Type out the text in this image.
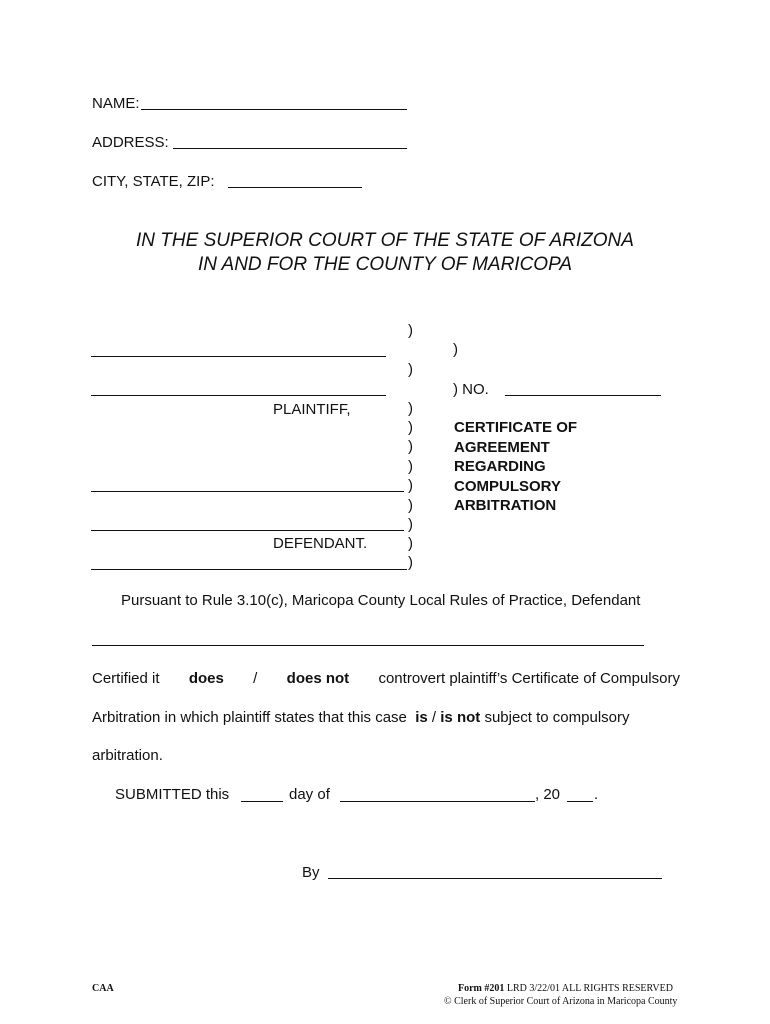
NAME:
ADDRESS:
CITY, STATE, ZIP:
IN THE SUPERIOR COURT OF THE STATE OF ARIZONA
IN AND FOR THE COUNTY OF MARICOPA
PLAINTIFF,
DEFENDANT.
)
)
)
)
)
)
)
)
)
)
)
)
) NO.
CERTIFICATE OF
AGREEMENT
REGARDING
COMPULSORY
ARBITRATION
Pursuant to Rule 3.10(c), Maricopa County Local Rules of Practice, Defendant
Certified it does / does not controvert plaintiff’s Certificate of Compulsory
Arbitration in which plaintiff states that this case is / is not subject to compulsory
arbitration.
SUBMITTED this	day of	, 20 .
By
CAA	Form #201 LRD 3/22/01 ALL RIGHTS RESERVED
© Clerk of Superior Court of Arizona in Maricopa County
